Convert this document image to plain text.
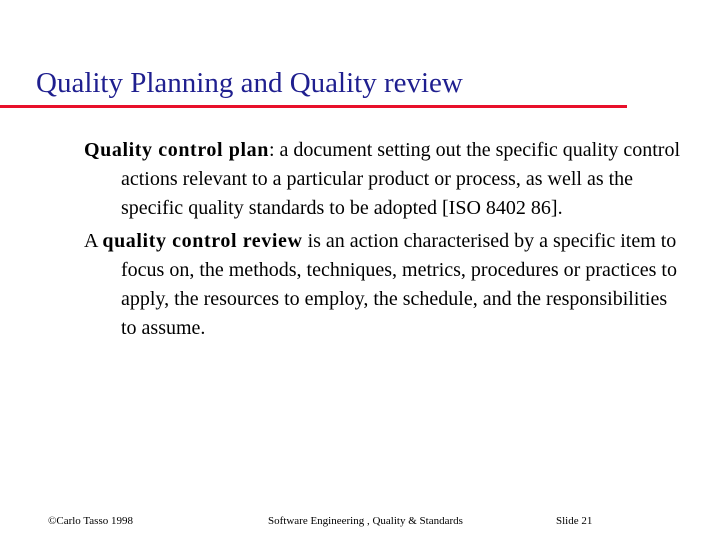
Quality Planning and Quality review

Quality control plan: a document setting out the specific quality control actions relevant to a particular product or process, as well as the specific quality standards to be adopted [ISO 8402 86].

A quality control review is an action characterised by a specific item to focus on, the methods, techniques, metrics, procedures or practices to apply, the resources to employ, the schedule, and the responsibilities to assume.

©Carlo Tasso 1998	Software Engineering , Quality & Standards	Slide 21
